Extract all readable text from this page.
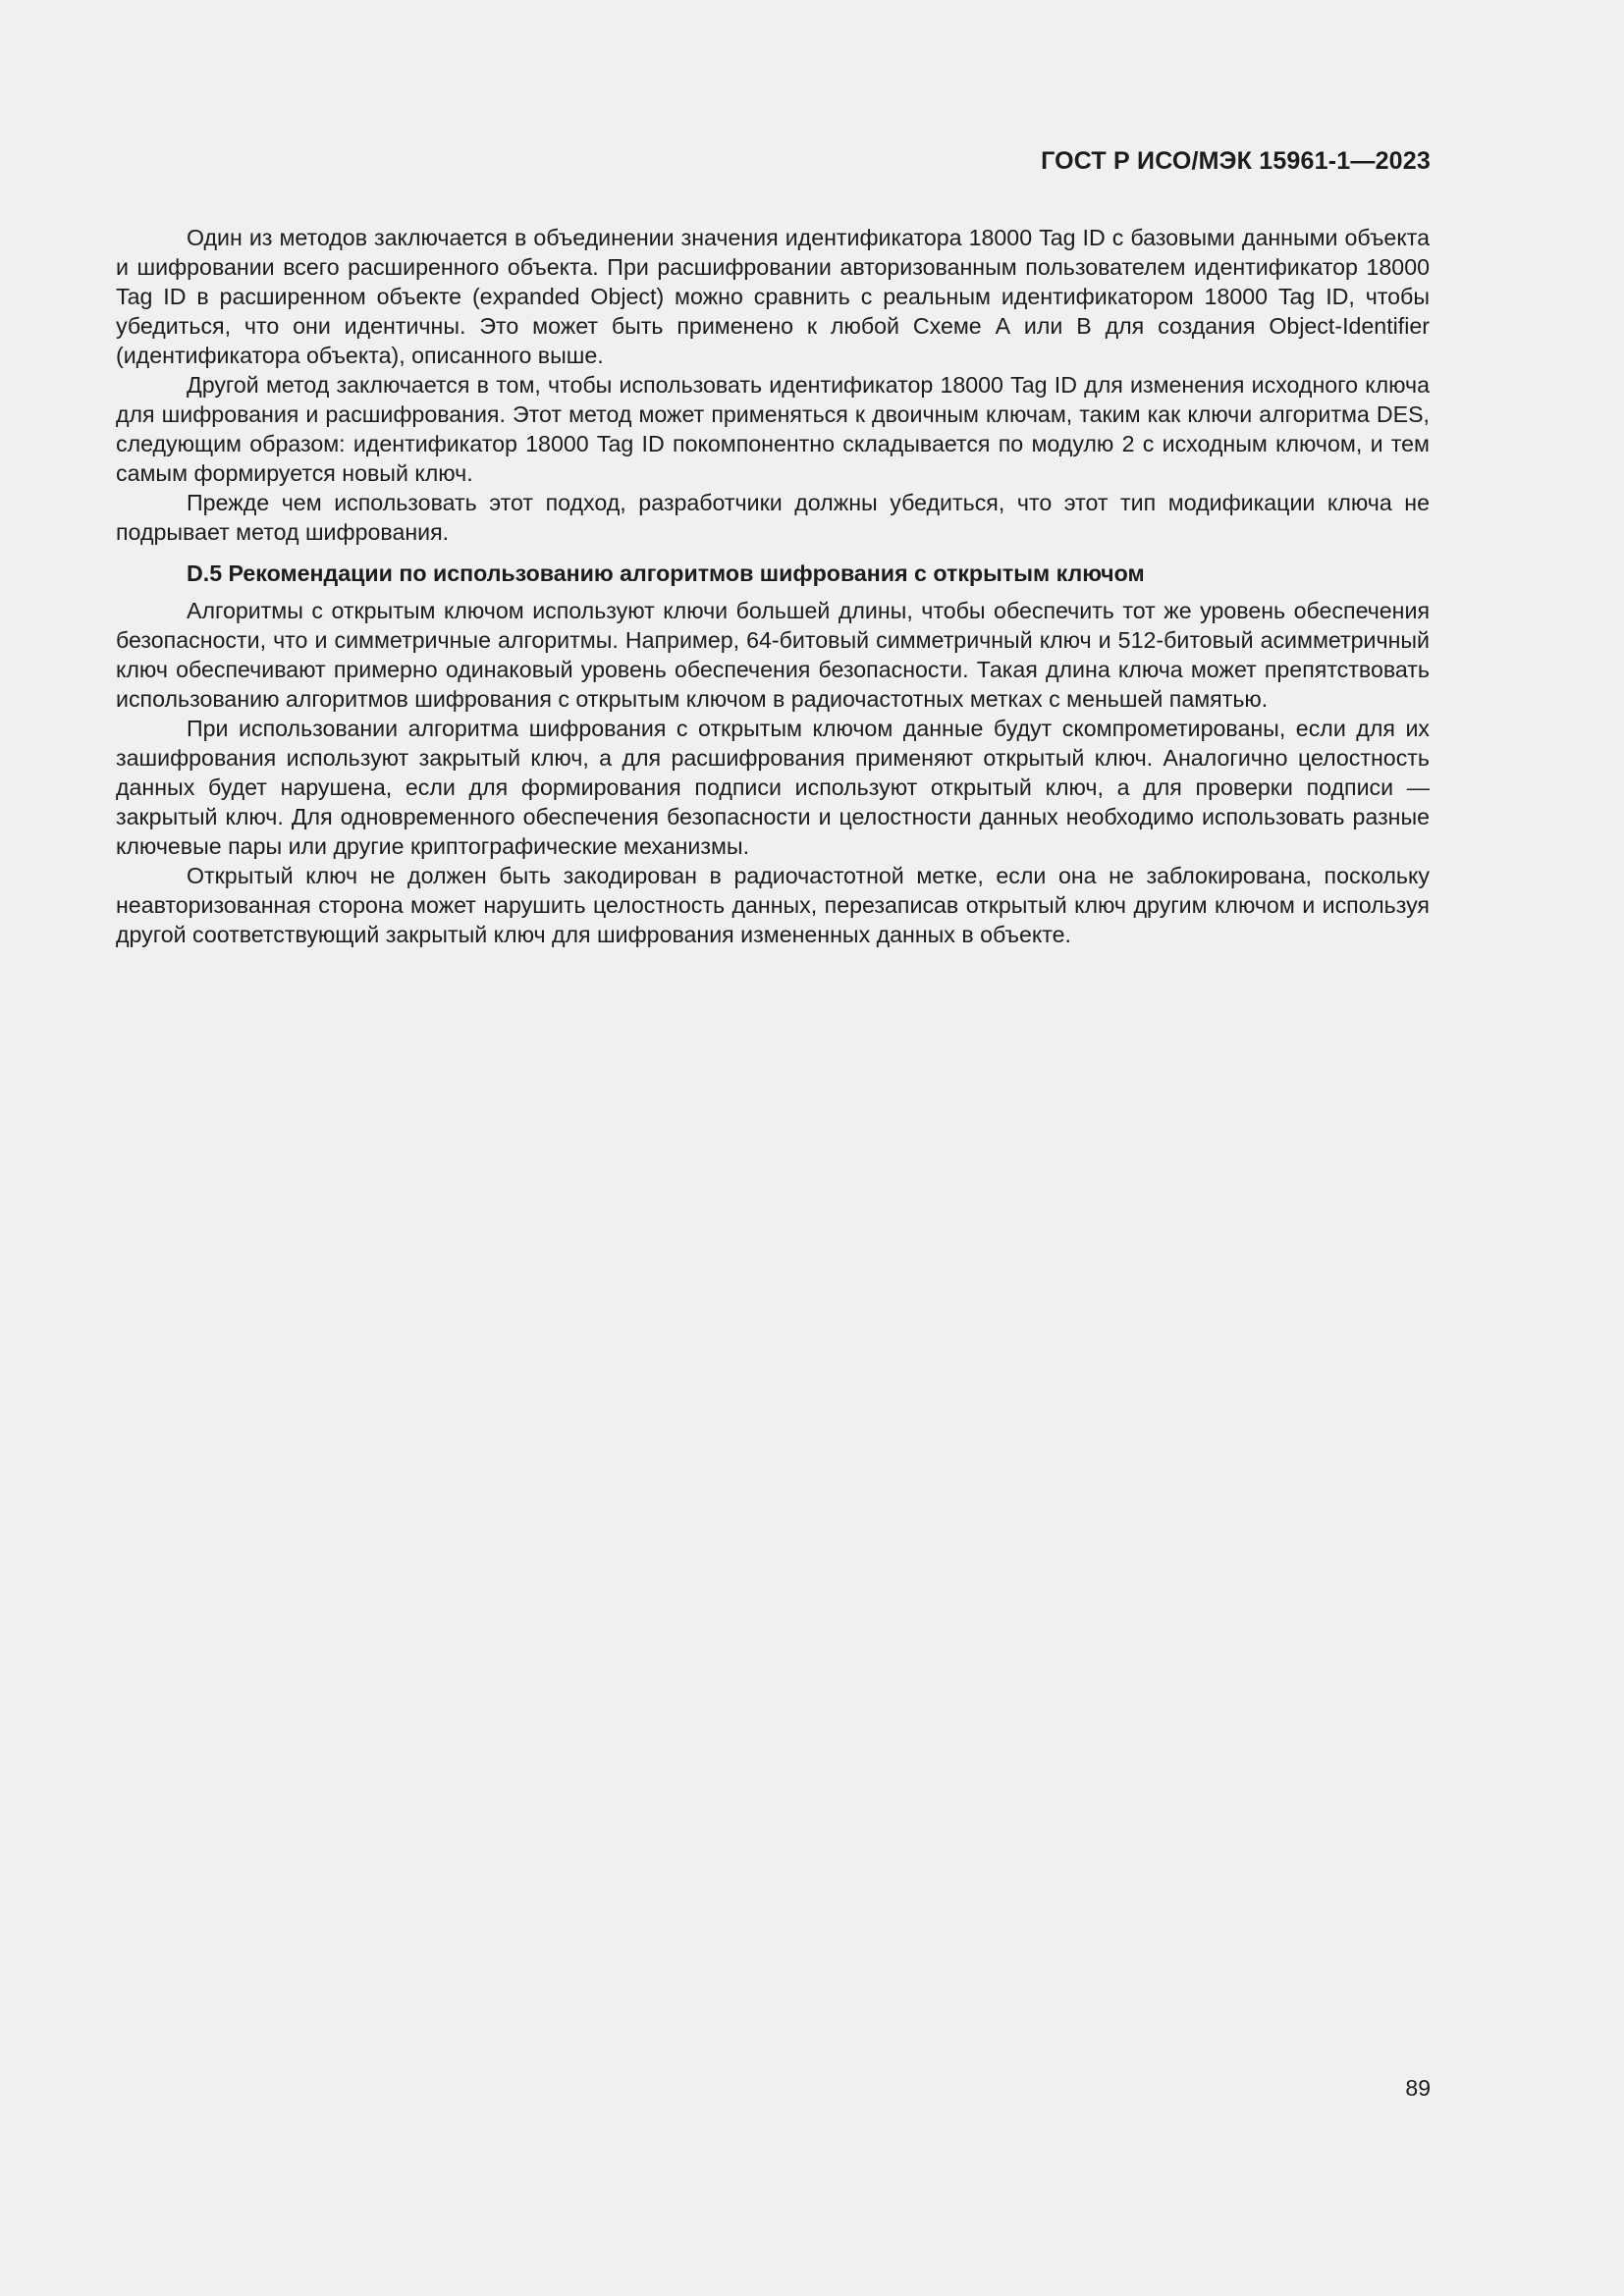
ГОСТ Р ИСО/МЭК 15961-1—2023

Один из методов заключается в объединении значения идентификатора 18000 Tag ID с базовыми данными объекта и шифровании всего расширенного объекта. При расшифровании авторизованным пользователем идентификатор 18000 Tag ID в расширенном объекте (expanded Object) можно сравнить с реальным идентификатором 18000 Tag ID, чтобы убедиться, что они идентичны. Это может быть применено к любой Схеме А или В для создания Object-Identifier (идентификатора объекта), описанного выше.

Другой метод заключается в том, чтобы использовать идентификатор 18000 Tag ID для изменения исходного ключа для шифрования и расшифрования. Этот метод может применяться к двоичным ключам, таким как ключи алгоритма DES, следующим образом: идентификатор 18000 Tag ID покомпонентно складывается по модулю 2 с исходным ключом, и тем самым формируется новый ключ.

Прежде чем использовать этот подход, разработчики должны убедиться, что этот тип модификации ключа не подрывает метод шифрования.

D.5 Рекомендации по использованию алгоритмов шифрования с открытым ключом

Алгоритмы с открытым ключом используют ключи большей длины, чтобы обеспечить тот же уровень обеспечения безопасности, что и симметричные алгоритмы. Например, 64-битовый симметричный ключ и 512-битовый асимметричный ключ обеспечивают примерно одинаковый уровень обеспечения безопасности. Такая длина ключа может препятствовать использованию алгоритмов шифрования с открытым ключом в радиочастотных метках с меньшей памятью.

При использовании алгоритма шифрования с открытым ключом данные будут скомпрометированы, если для их зашифрования используют закрытый ключ, а для расшифрования применяют открытый ключ. Аналогично целостность данных будет нарушена, если для формирования подписи используют открытый ключ, а для проверки подписи — закрытый ключ. Для одновременного обеспечения безопасности и целостности данных необходимо использовать разные ключевые пары или другие криптографические механизмы.

Открытый ключ не должен быть закодирован в радиочастотной метке, если она не заблокирована, поскольку неавторизованная сторона может нарушить целостность данных, перезаписав открытый ключ другим ключом и используя другой соответствующий закрытый ключ для шифрования измененных данных в объекте.

89
